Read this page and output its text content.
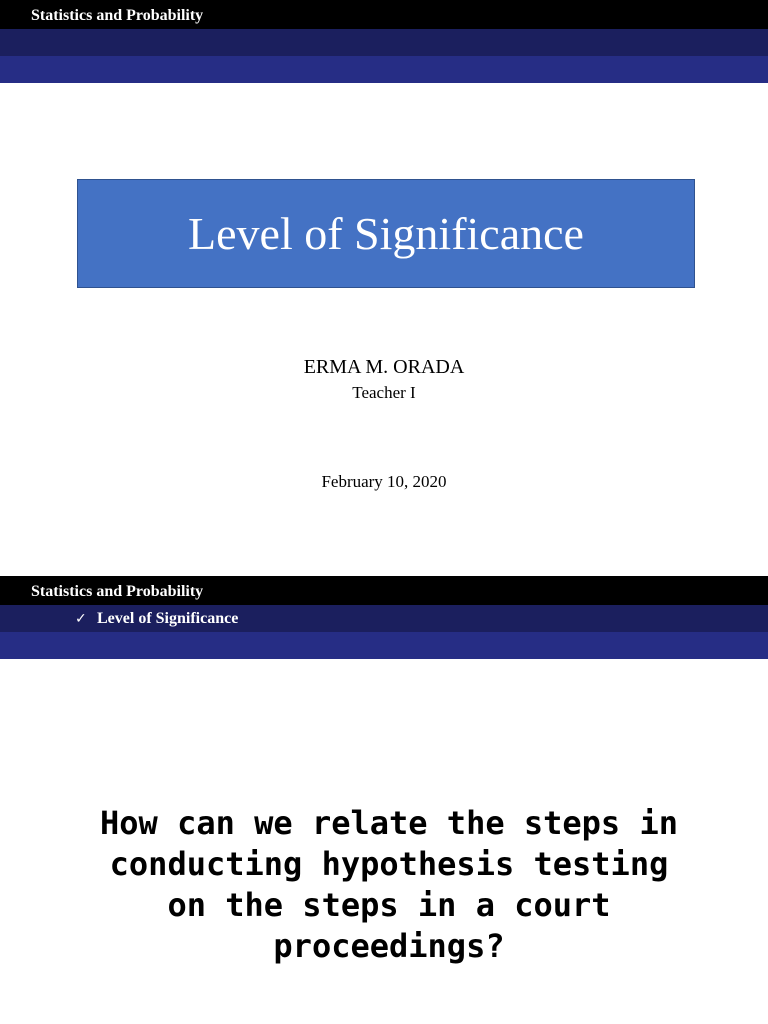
Statistics and Probability
Level of Significance
ERMA M. ORADA
Teacher I
February 10, 2020
Statistics and Probability
✓ Level of Significance
How can we relate the steps in conducting hypothesis testing on the steps in a court proceedings?
